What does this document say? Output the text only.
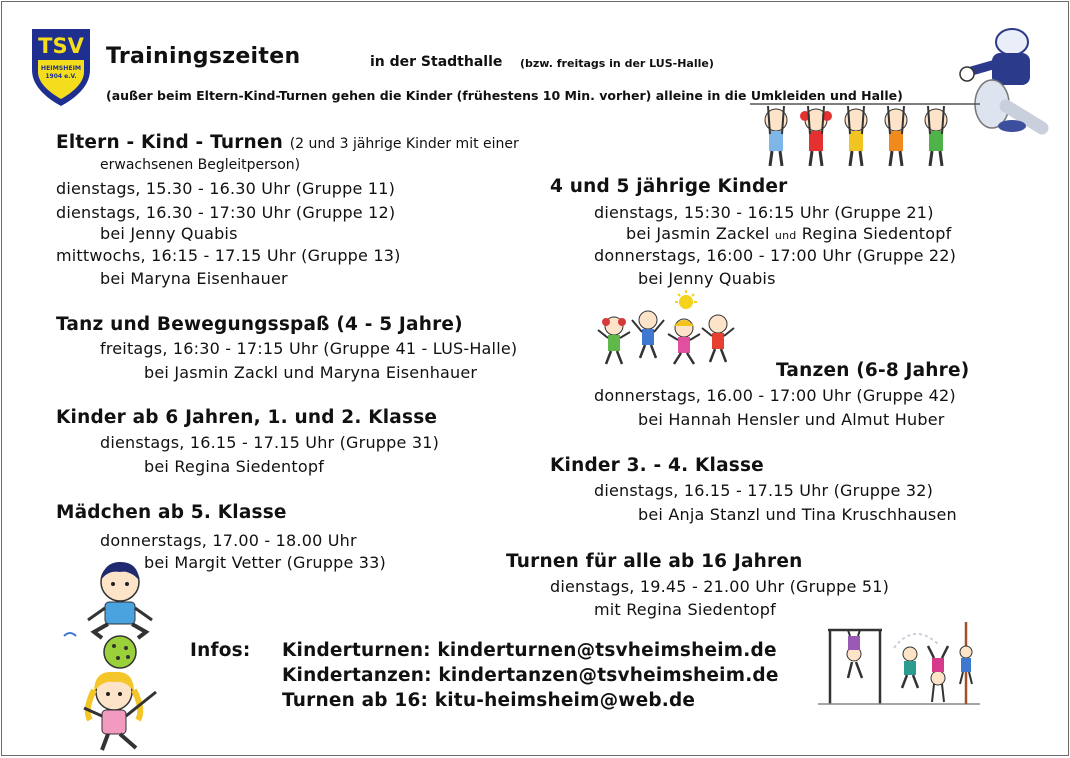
TSV
HEIMSHEIM
1904 e.V.
Trainingszeiten	in der Stadthalle (bzw. freitags in der LUS-Halle)
(außer beim Eltern-Kind-Turnen gehen die Kinder (frühestens 10 Min. vorher) alleine in die Umkleiden und Halle)
Eltern - Kind - Turnen (2 und 3 jährige Kinder mit einer
erwachsenen Begleitperson)
dienstags, 15.30 - 16.30 Uhr (Gruppe 11)
dienstags, 16.30 - 17:30 Uhr (Gruppe 12)
bei Jenny Quabis
mittwochs, 16:15 - 17.15 Uhr (Gruppe 13)
bei Maryna Eisenhauer
Tanz und Bewegungsspaß (4 - 5 Jahre)
freitags, 16:30 - 17:15 Uhr (Gruppe 41 - LUS-Halle)
bei Jasmin Zackl und Maryna Eisenhauer
Kinder ab 6 Jahren, 1. und 2. Klasse
dienstags, 16.15 - 17.15 Uhr (Gruppe 31)
bei Regina Siedentopf
Mädchen ab 5. Klasse
donnerstags, 17.00 - 18.00 Uhr
bei Margit Vetter (Gruppe 33)
4 und 5 jährige Kinder
dienstags, 15:30 - 16:15 Uhr (Gruppe 21)
bei Jasmin Zackel und Regina Siedentopf
donnerstags, 16:00 - 17:00 Uhr (Gruppe 22)
bei Jenny Quabis
Tanzen (6-8 Jahre)
donnerstags, 16.00 - 17:00 Uhr (Gruppe 42)
bei Hannah Hensler und Almut Huber
Kinder 3. - 4. Klasse
dienstags, 16.15 - 17.15 Uhr (Gruppe 32)
bei Anja Stanzl und Tina Kruschhausen
Turnen für alle ab 16 Jahren
dienstags, 19.45 - 21.00 Uhr (Gruppe 51)
mit Regina Siedentopf
Infos: Kinderturnen: kinderturnen@tsvheimsheim.de
Kindertanzen: kindertanzen@tsvheimsheim.de
Turnen ab 16: kitu-heimsheim@web.de
